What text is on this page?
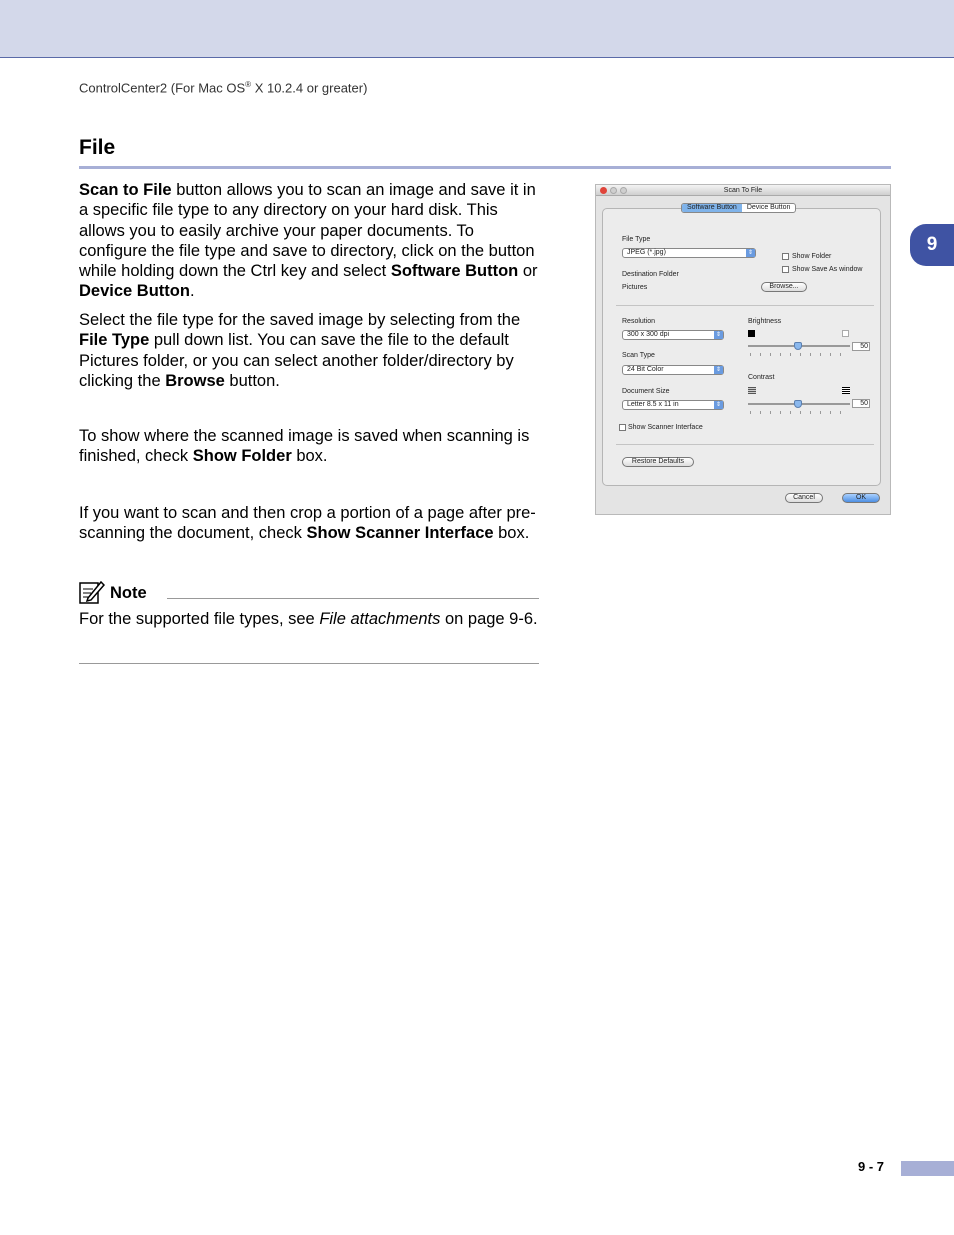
ControlCenter2 (For Mac OS® X 10.2.4 or greater)
9
File
Scan to File button allows you to scan an image and save it in a specific file type to any directory on your hard disk. This allows you to easily archive your paper documents. To configure the file type and save to directory, click on the button while holding down the Ctrl key and select Software Button or Device Button.
Select the file type for the saved image by selecting from the File Type pull down list. You can save the file to the default Pictures folder, or you can select another folder/directory by clicking the Browse button.
To show where the scanned image is saved when scanning is finished, check Show Folder box.
If you want to scan and then crop a portion of a page after pre-scanning the document, check Show Scanner Interface box.
Note
For the supported file types, see File attachments on page 9-6.
Scan To File
Software Button	Device Button
File Type
JPEG (*.jpg)	⇕	Show Folder
Show Save As window
Destination Folder
Pictures	Browse...
Resolution
300 x 300 dpi	⇕
Scan Type
24 Bit Color	⇕
Document Size
Letter 8.5 x 11 in	⇕
Brightness
50
Contrast
50
Show Scanner Interface
Restore Defaults
Cancel	OK
9 - 7
